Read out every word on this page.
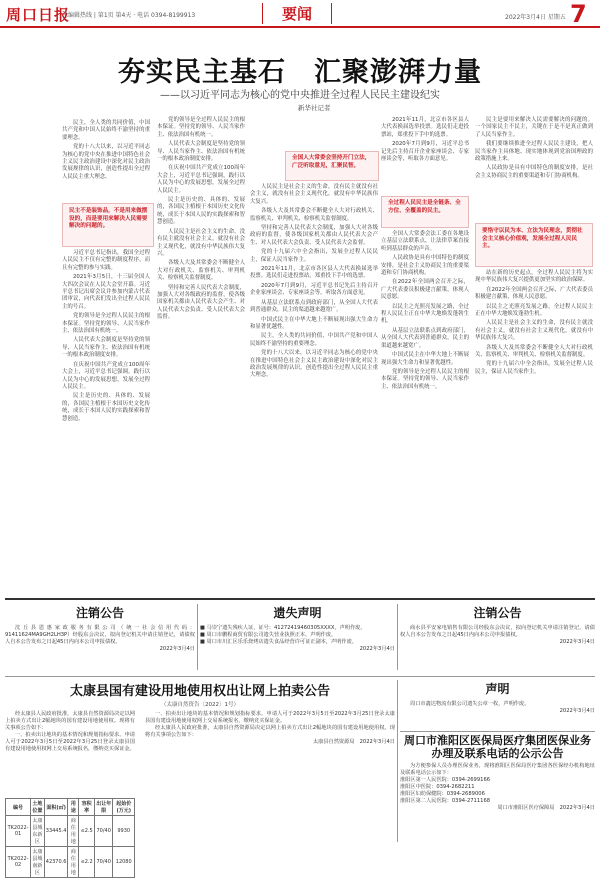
周口日报
总编辑热线 | 第1页 第4天 · 电话 0394-8199913	要闻	2022年3月4日 星期五 7
夯实民主基石　汇聚澎湃力量
——以习近平同志为核心的党中央推进全过程人民民主建设纪实
新华社记者

民主，全人类的共同价值，中国共产党和中国人民始终不渝坚持的重要理念。

党的十八大以来，以习近平同志为核心的党中央在推进中国特色社会主义民主政治建设中深化对民主政治发展规律的认识，创造性提出全过程人民民主重大理念。

民主不是装饰品，不是用来做摆设的，而是要用来解决人民需要解决的问题的。

习近平总书记指出，我国全过程人民民主不仅有完整的制度程序，而且有完整的参与实践。

2021年3月5日，十三届全国人大四次会议在人民大会堂开幕。习近平总书记出席会议并参加内蒙古代表团审议，向代表们发出全过程人民民主的号召。

党的领导是全过程人民民主的根本保证。坚持党的领导、人民当家作主、依法治国有机统一。

人民代表大会制度是坚持党的领导、人民当家作主、依法治国有机统一的根本政治制度安排。

在庆祝中国共产党成立100周年大会上，习近平总书记强调，践行以人民为中心的发展思想，发展全过程人民民主。

民主是历史的、具体的、发展的，各国民主植根于本国历史文化传统，成长于本国人民的实践探索和智慧创造。

党的领导是全过程人民民主的根本保证。坚持党的领导、人民当家作主、依法治国有机统一。

人民代表大会制度是坚持党的领导、人民当家作主、依法治国有机统一的根本政治制度安排。

在庆祝中国共产党成立100周年大会上，习近平总书记强调，践行以人民为中心的发展思想，发展全过程人民民主。

民主是历史的、具体的、发展的，各国民主植根于本国历史文化传统，成长于本国人民的实践探索和智慧创造。

人民民主是社会主义的生命，没有民主就没有社会主义，就没有社会主义现代化，就没有中华民族伟大复兴。

各级人大及其常委会不断健全人大对行政机关、监察机关、审判机关、检察机关监督制度。

坚持和完善人民代表大会制度，加强人大对各级政府的监督，使各级国家机关都由人民代表大会产生、对人民代表大会负责、受人民代表大会监督。

全国人大常委会坚持开门立法，广泛听取意见，汇聚民智。

人民民主是社会主义的生命，没有民主就没有社会主义，就没有社会主义现代化，就没有中华民族伟大复兴。

各级人大及其常委会不断健全人大对行政机关、监察机关、审判机关、检察机关监督制度。

坚持和完善人民代表大会制度，加强人大对各级政府的监督，使各级国家机关都由人民代表大会产生、对人民代表大会负责、受人民代表大会监督。

党的十九届六中全会指出，发展全过程人民民主，保证人民当家作主。

2021年11月，北京市各区县人大代表换届选举投票。选民们走进投票站，郑重投下手中的选票。

2020年7月到9月，习近平总书记先后主持召开企业家座谈会、专家座谈会等，听取各方面意见。

从基层立法联系点到政府部门，从全国人大代表到普通群众，民主的渠道越来越宽广。

中国式民主在中华大地上不断展现出强大生命力和显著优越性。

民主，全人类的共同价值，中国共产党和中国人民始终不渝坚持的重要理念。

党的十八大以来，以习近平同志为核心的党中央在推进中国特色社会主义民主政治建设中深化对民主政治发展规律的认识，创造性提出全过程人民民主重大理念。

2021年11月，北京市各区县人大代表换届选举投票。选民们走进投票站，郑重投下手中的选票。

2020年7月到9月，习近平总书记先后主持召开企业家座谈会、专家座谈会等，听取各方面意见。

全过程人民民主是全链条、全方位、全覆盖的民主。

全国人大常委会法工委在各地设立基层立法联系点，让法律草案直接听到基层群众的声音。

人民政协是具有中国特色的制度安排，是社会主义协商民主的重要渠道和专门协商机构。

在2022年全国两会召开之际，广大代表委员积极建言献策，体现人民意愿。

以民主之光照亮发展之路，全过程人民民主正在中华大地焕发蓬勃生机。

从基层立法联系点到政府部门，从全国人大代表到普通群众，民主的渠道越来越宽广。

中国式民主在中华大地上不断展现出强大生命力和显著优越性。

党的领导是全过程人民民主的根本保证。坚持党的领导、人民当家作主、依法治国有机统一。

民主是要用来解决人民需要解决的问题的。一个国家民主不民主，关键在于是不是真正做到了人民当家作主。

我们要继续推进全过程人民民主建设，把人民当家作主具体地、现实地体现到党治国理政的政策措施上来。

人民政协是具有中国特色的制度安排，是社会主义协商民主的重要渠道和专门协商机构。

要恪守以民为本、立法为民理念，贯彻社会主义核心价值观，发展全过程人民民主。

站在新的历史起点，全过程人民民主将为实现中华民族伟大复兴提供更加坚实的政治保障。

在2022年全国两会召开之际，广大代表委员积极建言献策，体现人民意愿。

以民主之光照亮发展之路，全过程人民民主正在中华大地焕发蓬勃生机。

人民民主是社会主义的生命，没有民主就没有社会主义，就没有社会主义现代化，就没有中华民族伟大复兴。

各级人大及其常委会不断健全人大对行政机关、监察机关、审判机关、检察机关监督制度。

党的十九届六中全会指出，发展全过程人民民主，保证人民当家作主。

注销公告

沈丘县恩惠家政服务有限公司（统一社会信用代码：91411624MA9GH2LH3P）经股东会决议，拟向登记机关申请注销登记，请债权人自本公告发布之日起45日内向本公司申报债权。

2022年3月4日

遗失声明

■ 马崇宁遗失残疾人证，证号：41272419460305XXXX，声明作废。

■ 周口市鹏程商贸有限公司遗失营业执照正本，声明作废。

■ 周口市川汇区乐乐烧烤店遗失食品经营许可证正副本，声明作废。

2022年3月4日

注销公告

商水县平安家电销售有限公司经股东会决议，拟向登记机关申请注销登记，请债权人自本公告发布之日起45日内向本公司申报债权。

2022年3月4日

太康县国有建设用地使用权出让网上拍卖公告
（太康自然资告〔2022〕1号）

经太康县人民政府批准，太康县自然资源局决定以网上拍卖方式出让2幅地块的国有建设用地使用权。现将有关事项公告如下：

一、拍卖出让地块的基本情况和规划指标要求。申请人可于2022年3月5日至2022年3月25日登录太康县国有建设用地使用权网上交易系统报名，缴纳竞买保证金。

一、拍卖出让地块的基本情况和规划指标要求。申请人可于2022年3月5日至2022年3月25日登录太康县国有建设用地使用权网上交易系统报名，缴纳竞买保证金。

经太康县人民政府批准，太康县自然资源局决定以网上拍卖方式出让2幅地块的国有建设用地使用权。现将有关事项公告如下：

太康县自然资源局　2022年3月4日

编号	土地位置	面积(㎡)	用途	容积率	出让年限	起始价(万元)
TK2022-01	太康县城东新区	33445.4	商住用地	≤2.5	70/40	9930
TK2022-02	太康县城南新区	42370.6	商住用地	≤2.2	70/40	12080
声明

周口市鑫达物流有限公司遗失公章一枚，声明作废。

2022年3月4日

周口市淮阳区医保局医疗集团医保业务办理及联系电话的公示公告

为方便参保人员办理医保业务，现将淮阳区医保局医疗集团各医保经办机构地址及联系电话公示如下：

淮阳区第一人民医院：0394-2699166

淮阳区中医院：0394-2682211

淮阳区妇幼保健院：0394-2689006

淮阳区第二人民医院：0394-2711168

周口市淮阳区医疗保障局　2022年3月4日
